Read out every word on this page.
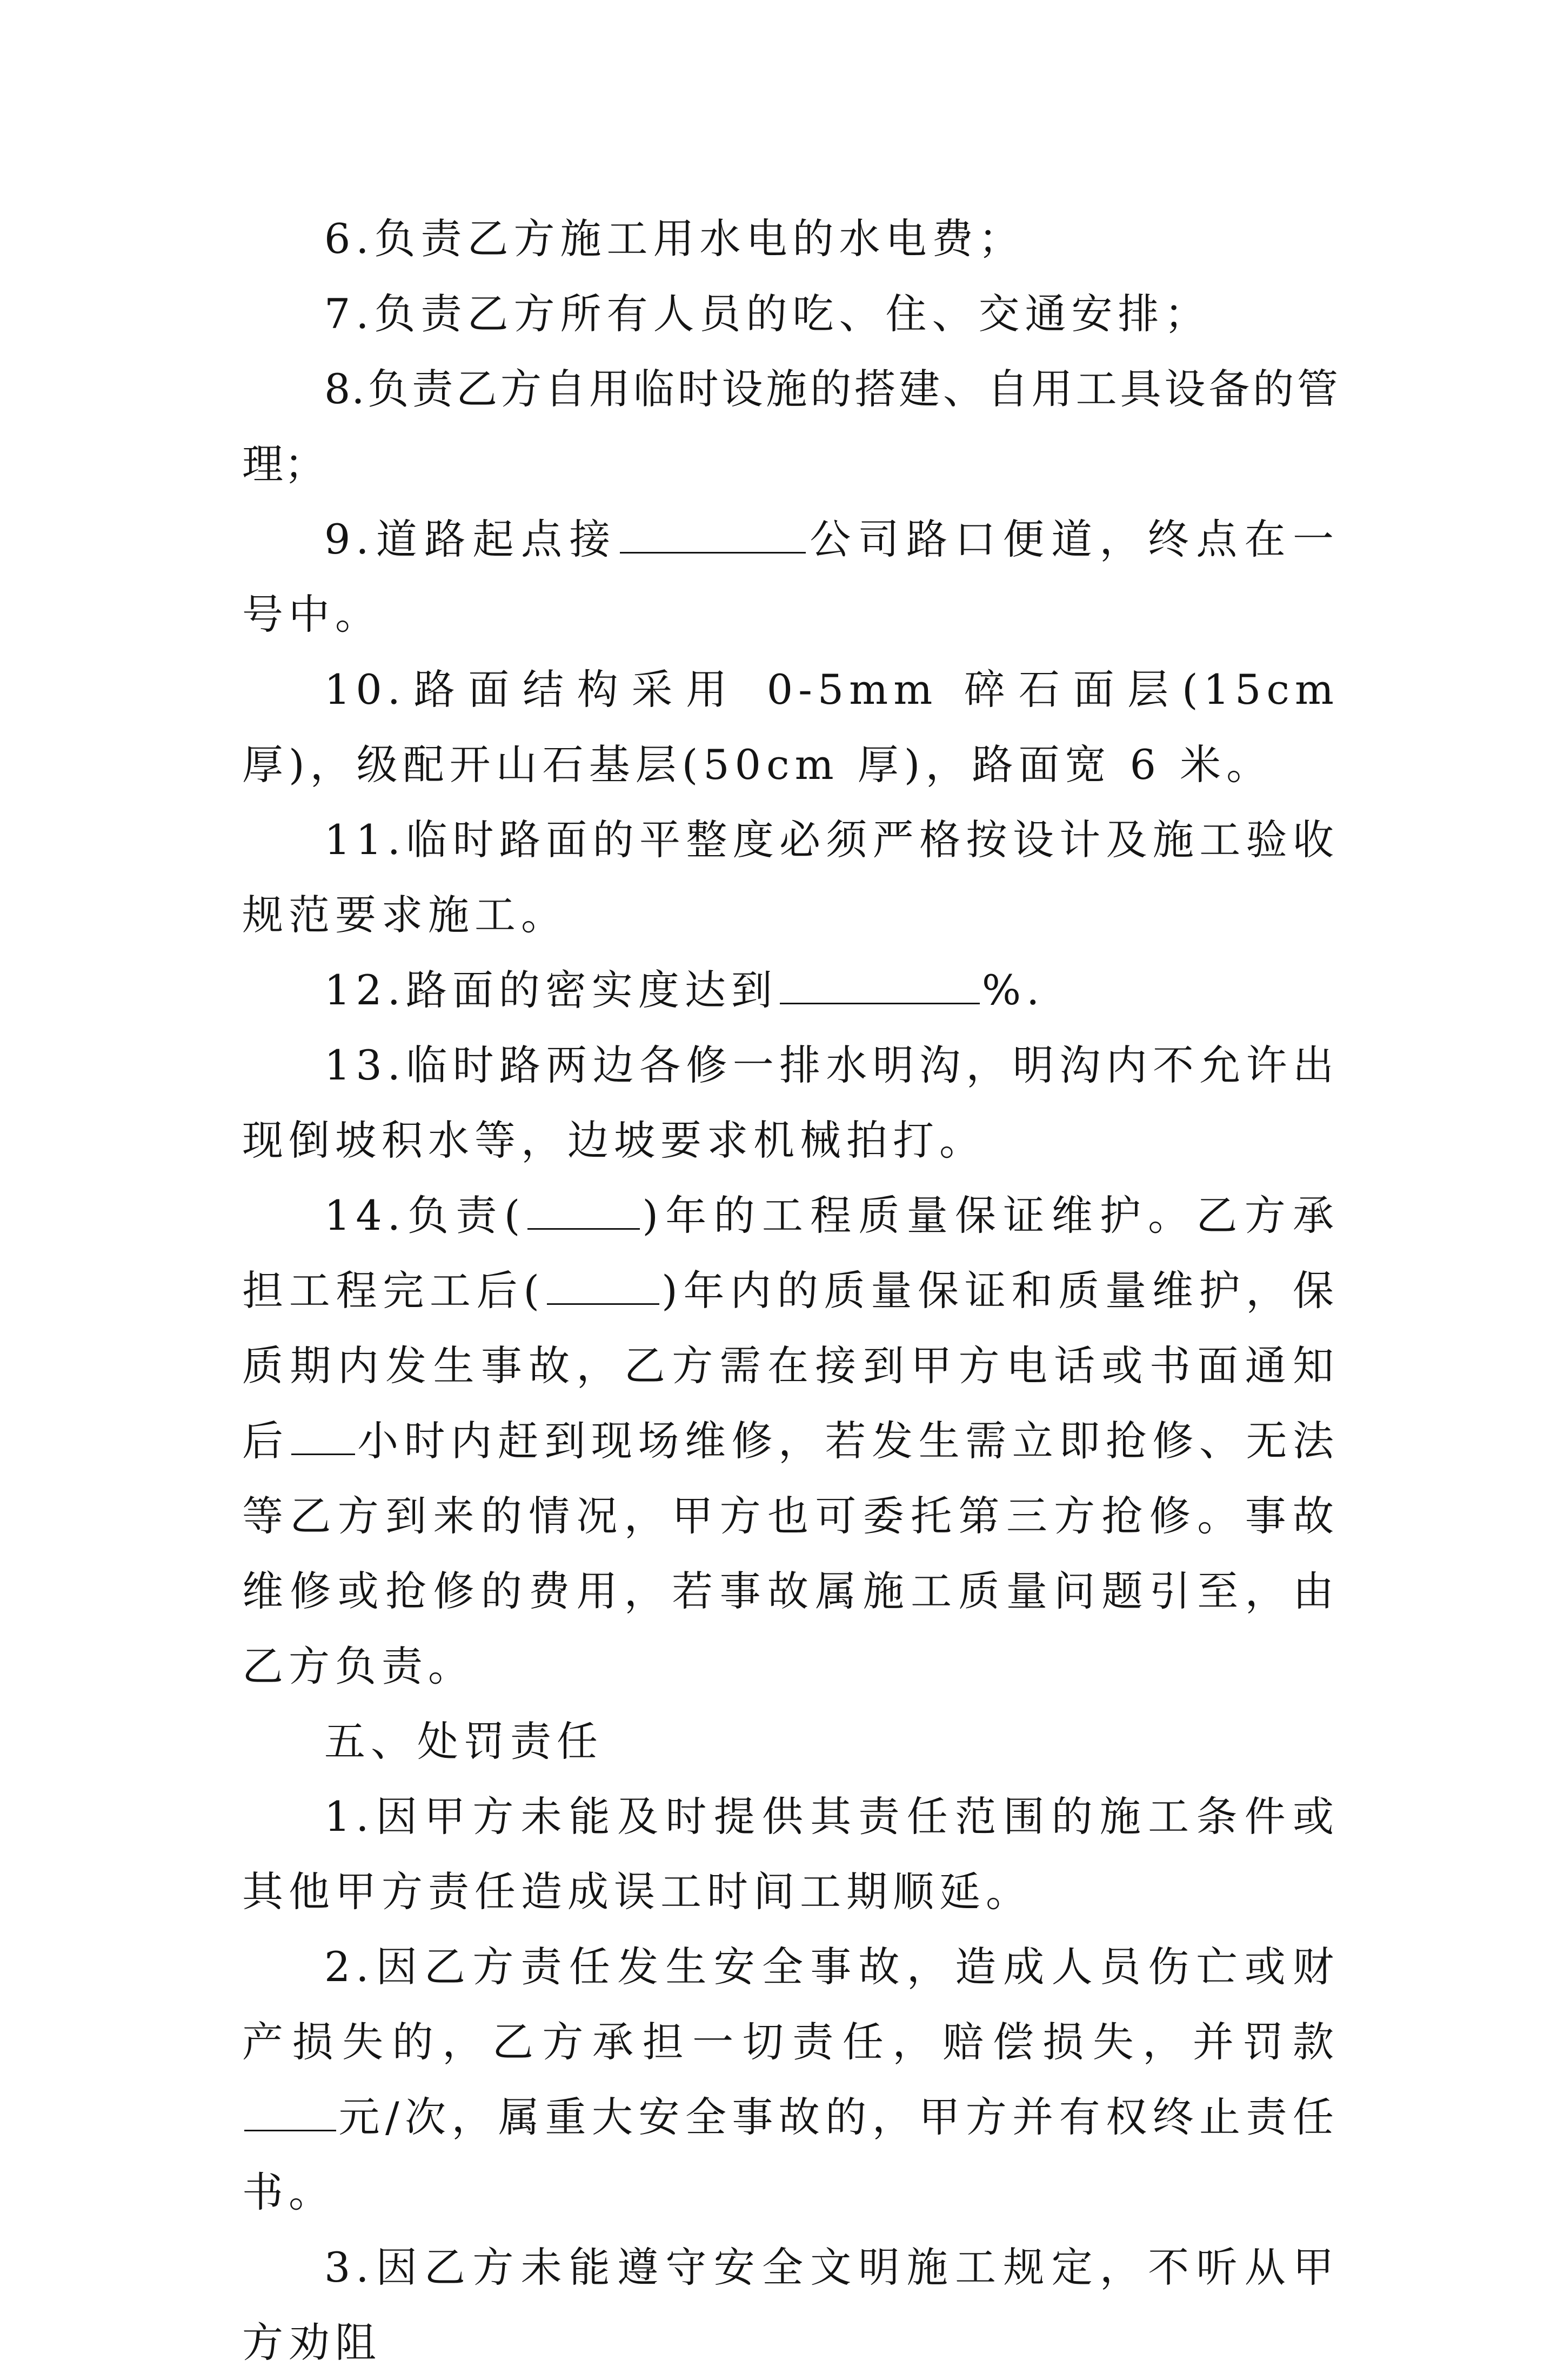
6.负责乙方施工用水电的水电费；

7.负责乙方所有人员的吃、住、交通安排；

8.负责乙方自用临时设施的搭建、自用工具设备的管理；

9.道路起点接	公司路口便道，终点在一号中。

10.路面结构采用 0-5mm 碎石面层(15cm 厚)，级配开山石基层(50cm 厚)，路面宽 6 米。

11.临时路面的平整度必须严格按设计及施工验收规范要求施工。

12.路面的密实度达到	%.

13.临时路两边各修一排水明沟，明沟内不允许出现倒坡积水等，边坡要求机械拍打。

14.负责(	)年的工程质量保证维护。乙方承担工程完工后(	)年内的质量保证和质量维护，保质期内发生事故，乙方需在接到甲方电话或书面通知后 小时内赶到现场维修，若发生需立即抢修、无法等乙方到来的情况，甲方也可委托第三方抢修。事故维修或抢修的费用，若事故属施工质量问题引至，由乙方负责。

五、处罚责任

1.因甲方未能及时提供其责任范围的施工条件或其他甲方责任造成误工时间工期顺延。

2.因乙方责任发生安全事故，造成人员伤亡或财产损失的，乙方承担一切责任，赔偿损失，并罚款元/次，属重大安全事故的，甲方并有权终止责任书。

3.因乙方未能遵守安全文明施工规定，不听从甲方劝阻
